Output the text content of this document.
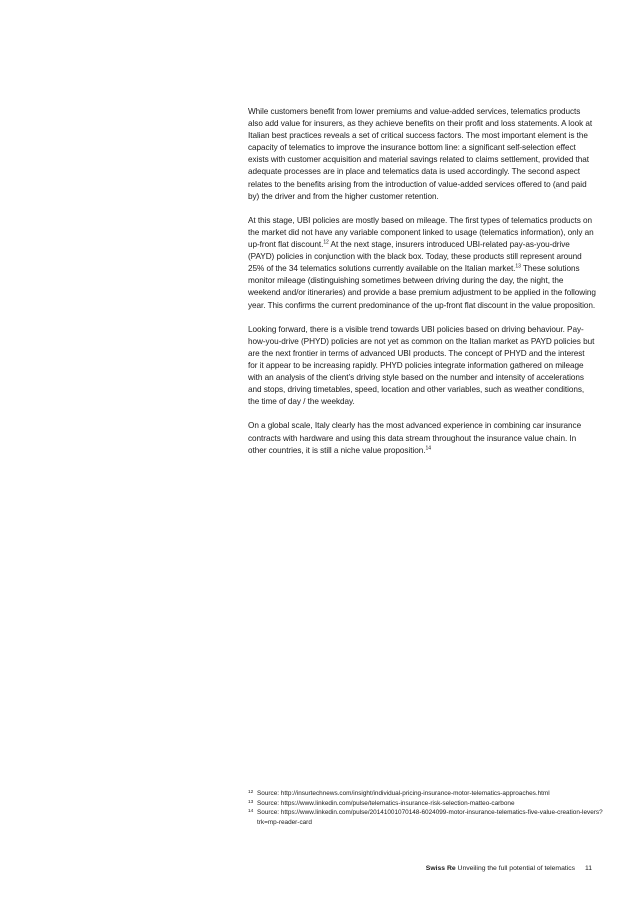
While customers benefit from lower premiums and value-added services, telematics products also add value for insurers, as they achieve benefits on their profit and loss statements. A look at Italian best practices reveals a set of critical success factors. The most important element is the capacity of telematics to improve the insurance bottom line: a significant self-selection effect exists with customer acquisition and material savings related to claims settlement, provided that adequate processes are in place and telematics data is used accordingly. The second aspect relates to the benefits arising from the introduction of value-added services offered to (and paid by) the driver and from the higher customer retention.

At this stage, UBI policies are mostly based on mileage. The first types of telematics products on the market did not have any variable component linked to usage (telematics information), only an up-front flat discount.$^{12}$ At the next stage, insurers introduced UBI-related pay-as-you-drive (PAYD) policies in conjunction with the black box. Today, these products still represent around 25% of the 34 telematics solutions currently available on the Italian market.$^{13}$ These solutions monitor mileage (distinguishing sometimes between driving during the day, the night, the weekend and/or itineraries) and provide a base premium adjustment to be applied in the following year. This confirms the current predominance of the up-front flat discount in the value proposition.

Looking forward, there is a visible trend towards UBI policies based on driving behaviour. Pay-how-you-drive (PHYD) policies are not yet as common on the Italian market as PAYD policies but are the next frontier in terms of advanced UBI products. The concept of PHYD and the interest for it appear to be increasing rapidly. PHYD policies integrate information gathered on mileage with an analysis of the client’s driving style based on the number and intensity of accelerations and stops, driving timetables, speed, location and other variables, such as weather conditions, the time of day / the weekday.

On a global scale, Italy clearly has the most advanced experience in combining car insurance contracts with hardware and using this data stream throughout the insurance value chain. In other countries, it is still a niche value proposition.$^{14}$

12 Source: http://insurtechnews.com/insight/individual-pricing-insurance-motor-telematics-approaches.html
13 Source: https://www.linkedin.com/pulse/telematics-insurance-risk-selection-matteo-carbone
14 Source: https://www.linkedin.com/pulse/20141001070148-6024099-motor-insurance-telematics-five-value-creation-levers?trk=mp-reader-card
Swiss Re Unveiling the full potential of telematics 11
